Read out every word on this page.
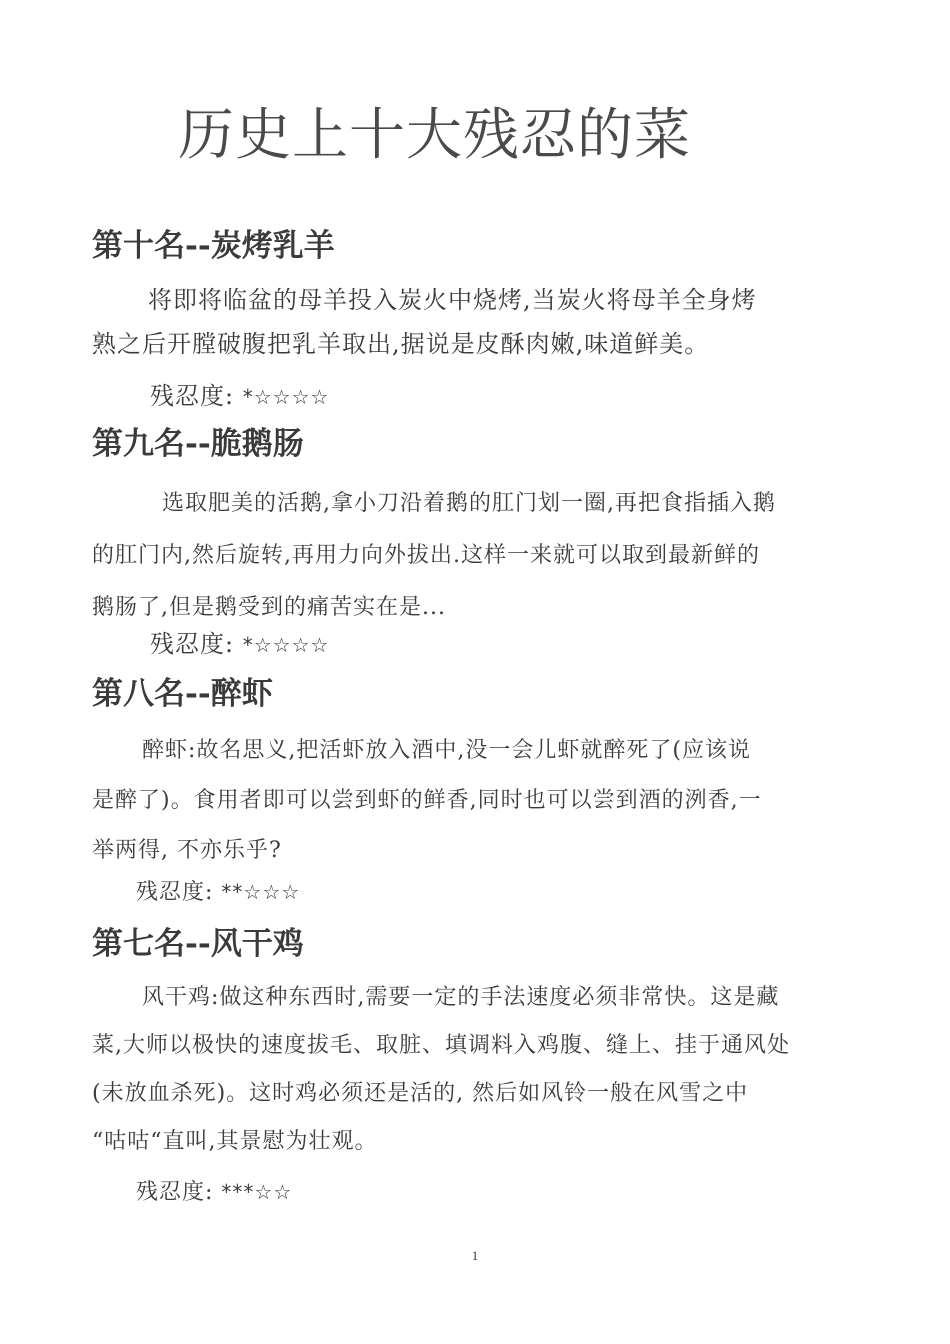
历史上十大残忍的菜
第十名--炭烤乳羊
将即将临盆的母羊投入炭火中烧烤,当炭火将母羊全身烤
熟之后开膛破腹把乳羊取出,据说是皮酥肉嫩,味道鲜美。
残忍度: *☆☆☆☆
第九名--脆鹅肠
选取肥美的活鹅,拿小刀沿着鹅的肛门划一圈,再把食指插入鹅
的肛门内,然后旋转,再用力向外拔出.这样一来就可以取到最新鲜的
鹅肠了,但是鹅受到的痛苦实在是...
残忍度: *☆☆☆☆
第八名--醉虾
醉虾:故名思义,把活虾放入酒中,没一会儿虾就醉死了(应该说
是醉了)。食用者即可以尝到虾的鲜香,同时也可以尝到酒的洌香,一
举两得, 不亦乐乎?
残忍度: **☆☆☆
第七名--风干鸡
风干鸡:做这种东西时,需要一定的手法速度必须非常快。这是藏
菜,大师以极快的速度拔毛、取脏、填调料入鸡腹、缝上、挂于通风处
(未放血杀死)。这时鸡必须还是活的, 然后如风铃一般在风雪之中
“咕咕“直叫,其景慰为壮观。
残忍度: ***☆☆
1
